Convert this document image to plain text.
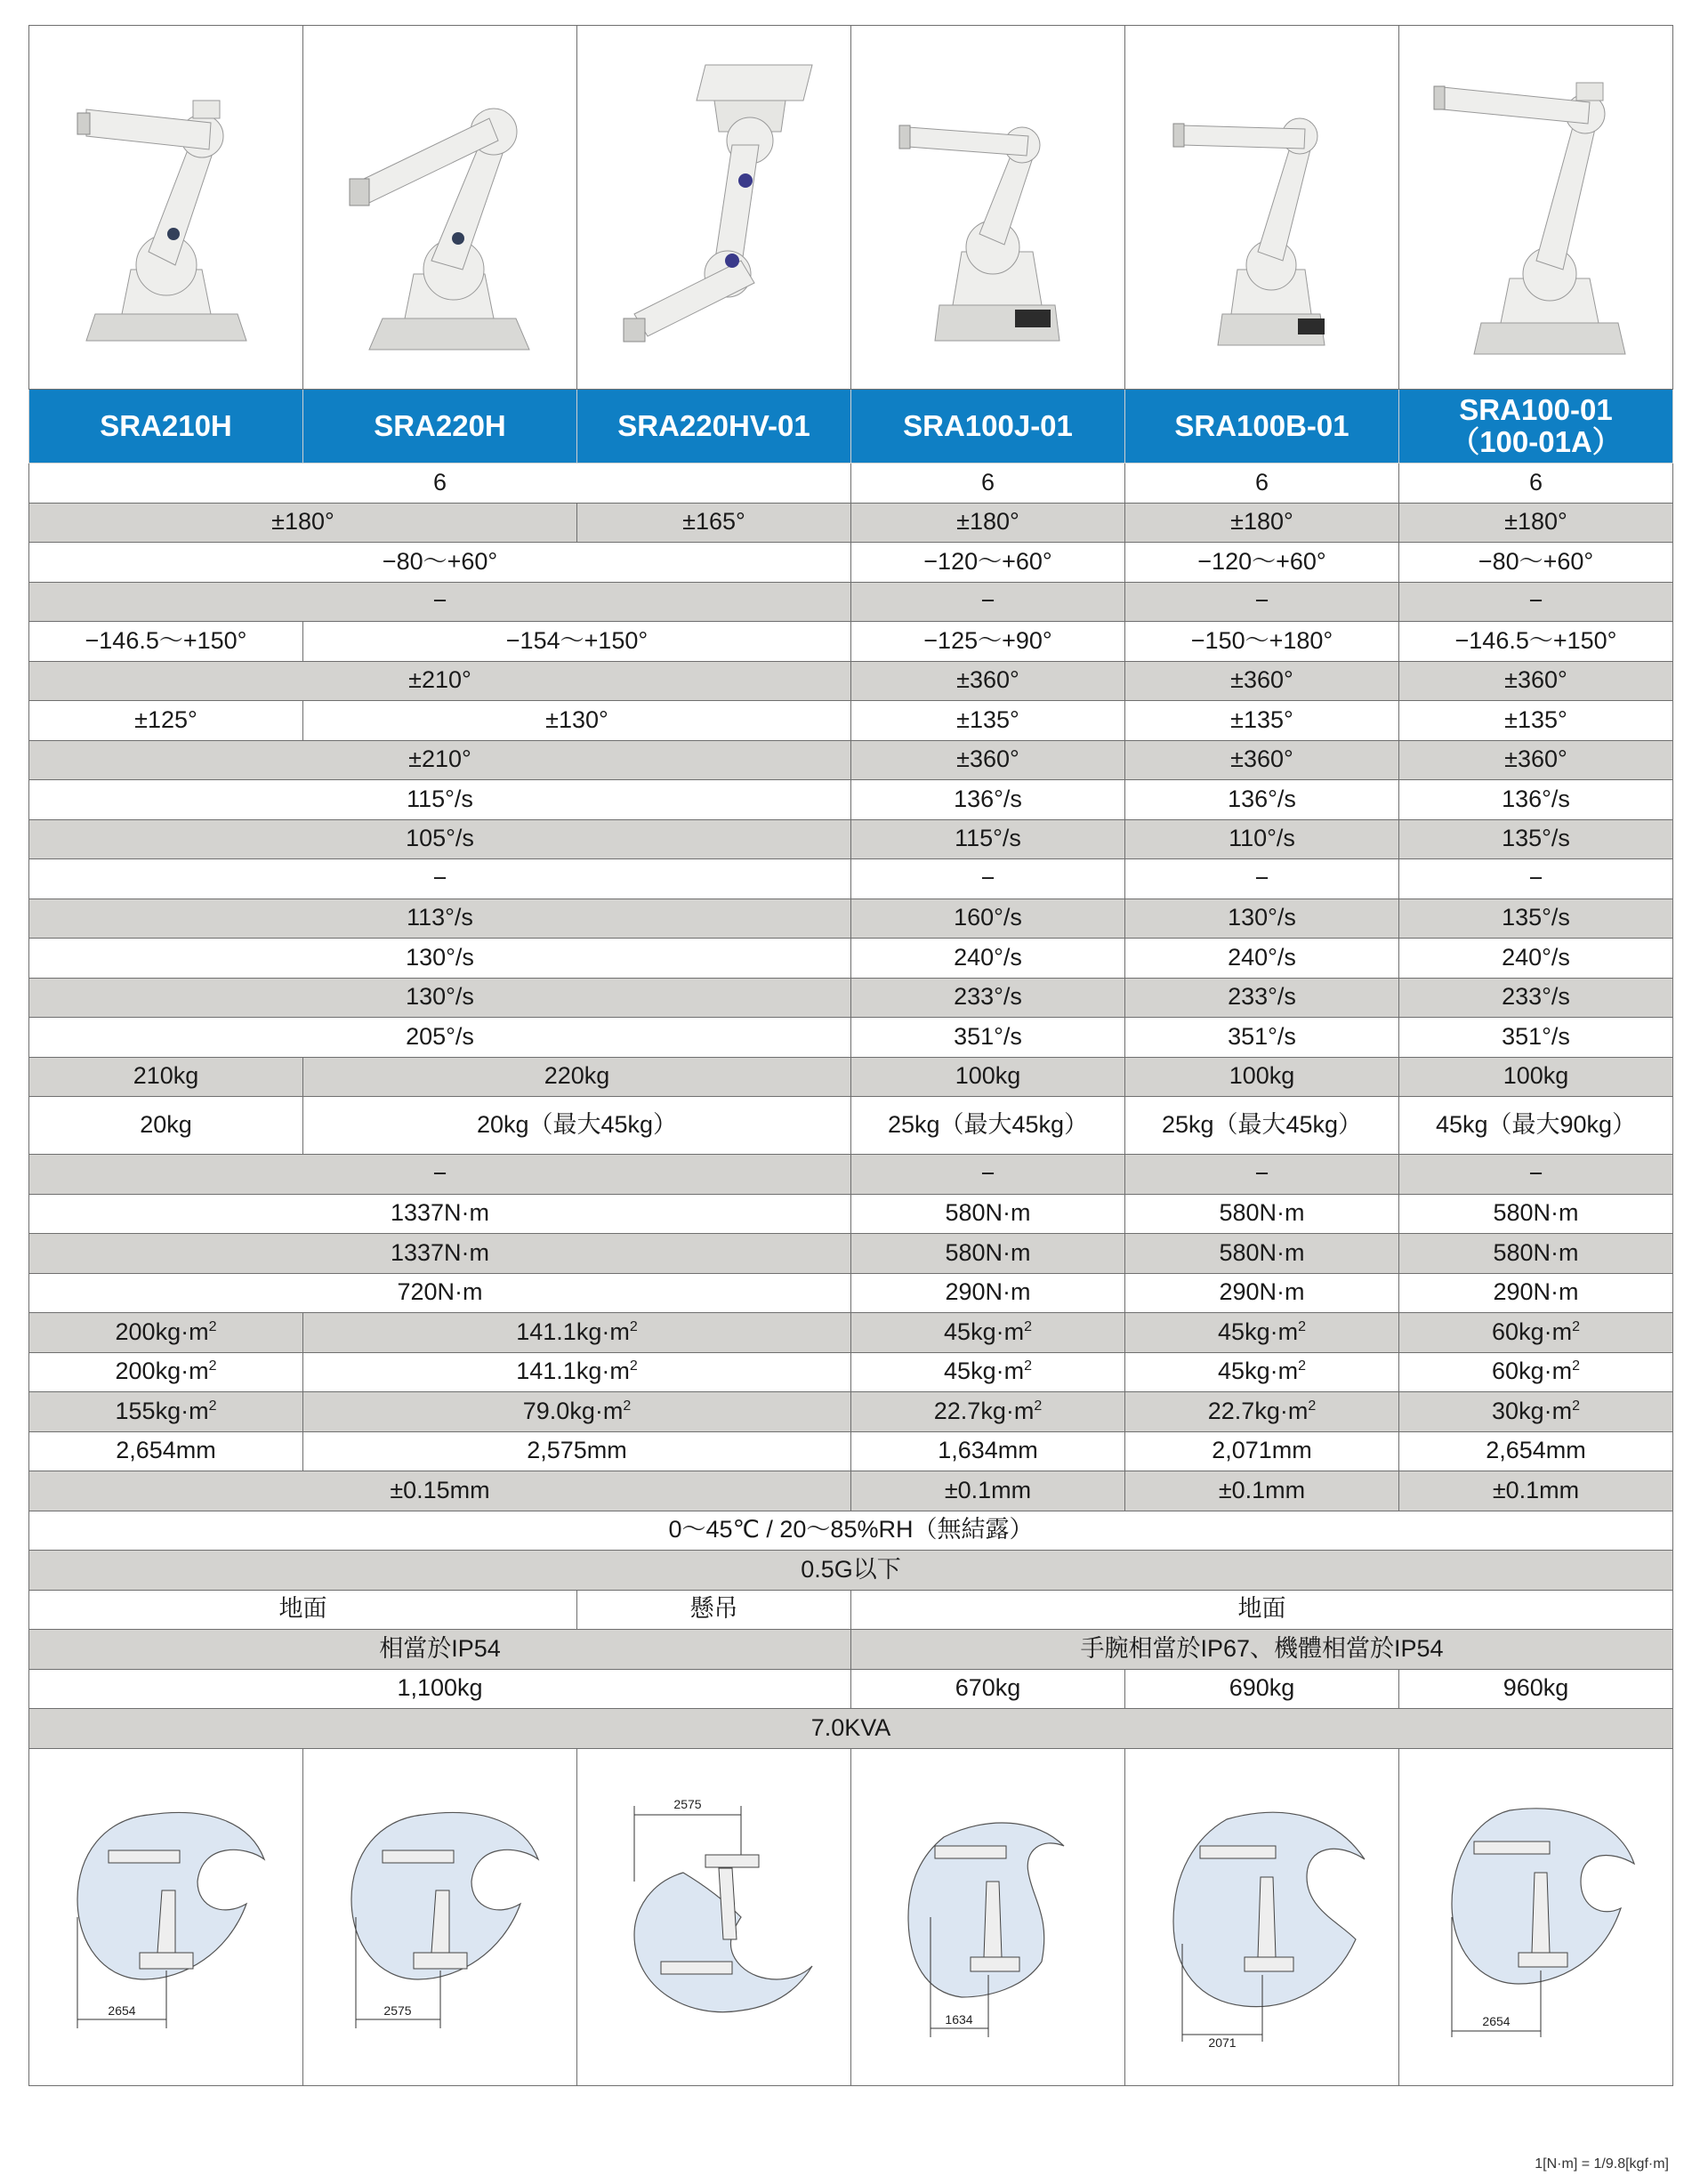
SRA210H	SRA220H	SRA220HV-01	SRA100J-01	SRA100B-01	SRA100-01
（100-01A）

6			6	6	6
±180°		±165°	±180°	±180°	±180°
−80～+60°			−120～+60°	−120～+60°	−80～+60°
−			−	−	−
−146.5～+150°	−154～+150°		−125～+90°	−150～+180°	−146.5～+150°
±210°			±360°	±360°	±360°
±125°	±130°		±135°	±135°	±135°
±210°			±360°	±360°	±360°
115°/s			136°/s	136°/s	136°/s
105°/s			115°/s	110°/s	135°/s
−			−	−	−
113°/s			160°/s	130°/s	135°/s
130°/s			240°/s	240°/s	240°/s
130°/s			233°/s	233°/s	233°/s
205°/s			351°/s	351°/s	351°/s
210kg	220kg		100kg	100kg	100kg
20kg	20kg（最大45kg）		25kg（最大45kg）	25kg（最大45kg）	45kg（最大90kg）
−			−	−	−
1337N·m			580N·m	580N·m	580N·m
1337N·m			580N·m	580N·m	580N·m
720N·m			290N·m	290N·m	290N·m
$200kg\cdot m^2$	$141.1kg\cdot m^2$		$45kg\cdot m^2$	$45kg\cdot m^2$	$60kg\cdot m^2$
$200kg\cdot m^2$	$141.1kg\cdot m^2$		$45kg\cdot m^2$	$45kg\cdot m^2$	$60kg\cdot m^2$
$155kg\cdot m^2$	$79.0kg\cdot m^2$		$22.7kg\cdot m^2$	$22.7kg\cdot m^2$	$30kg\cdot m^2$
2,654mm	2,575mm		1,634mm	2,071mm	2,654mm
±0.15mm			±0.1mm	±0.1mm	±0.1mm
0～45℃ / 20～85%RH（無結露）					
0.5G以下					
地面		懸吊	地面		
相當於IP54			手腕相當於IP67、機體相當於IP54		
1,100kg			670kg	690kg	960kg
7.0KVA					

2654	2575	2575	1634	2071	2654
1[N·m] = 1/9.8[kgf·m]
